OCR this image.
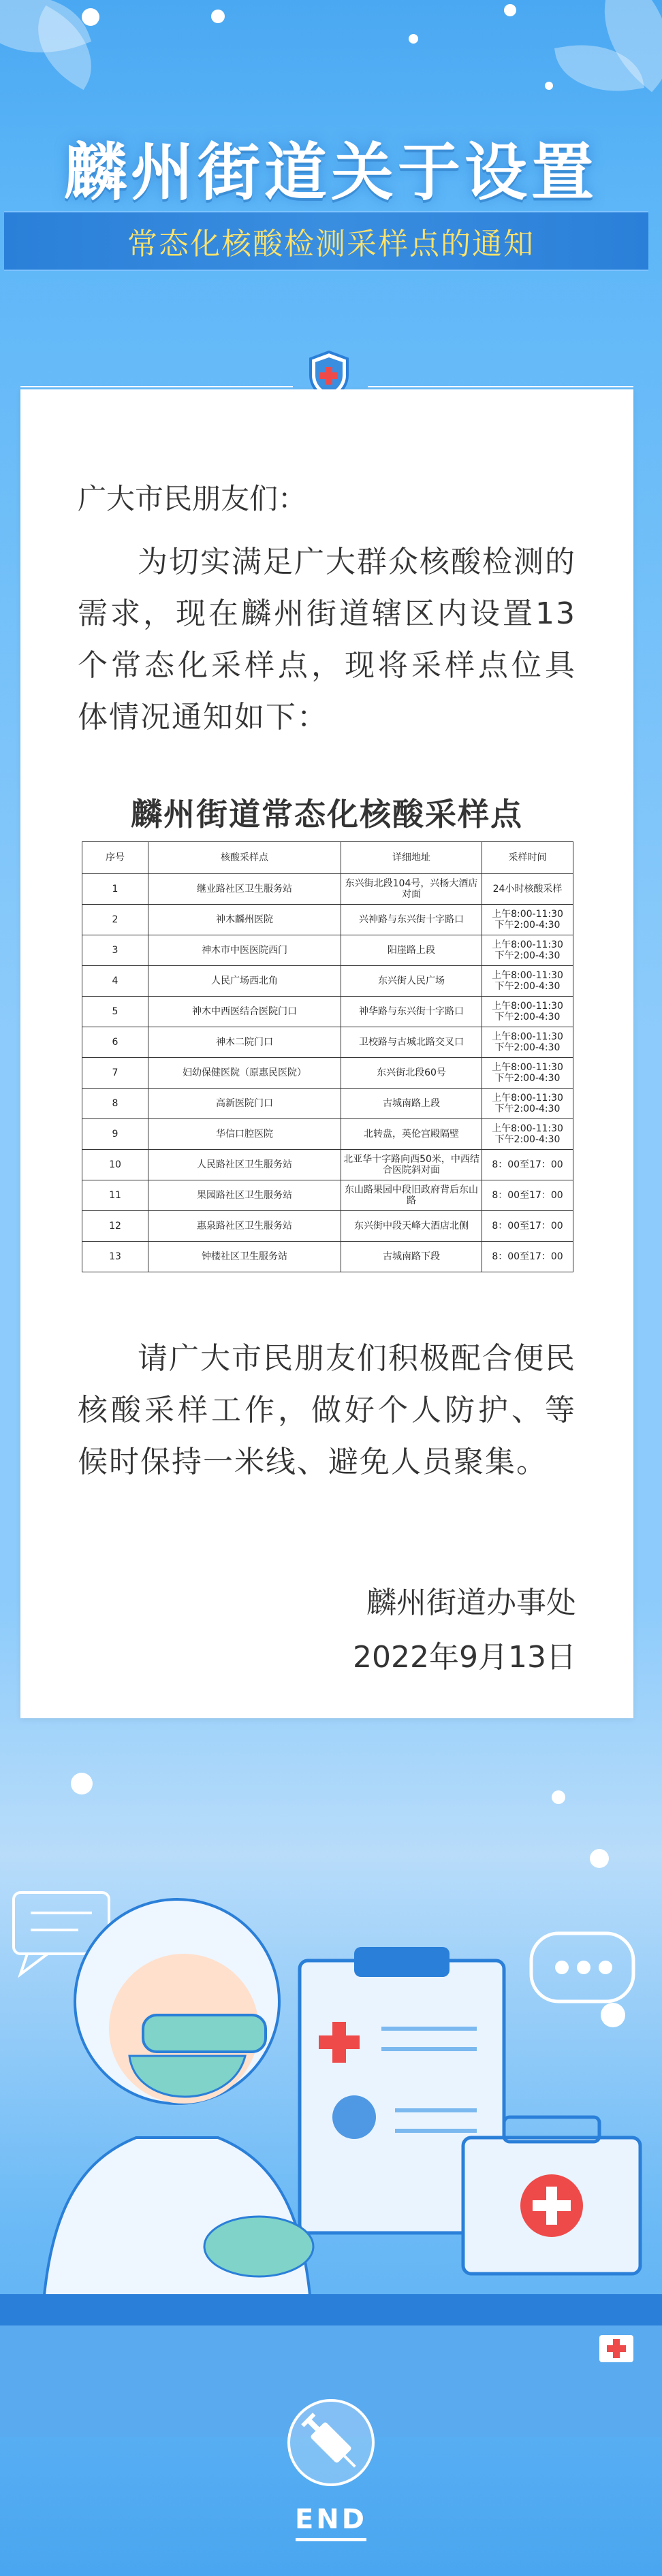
麟州街道关于设置
常态化核酸检测采样点的通知
广大市民朋友们：
为切实满足广大群众核酸检测的需求，现在麟州街道辖区内设置13个常态化采样点，现将采样点位具体情况通知如下：
麟州街道常态化核酸采样点
序号	核酸采样点	详细地址	采样时间
1	继业路社区卫生服务站	东兴街北段104号，兴杨大酒店对面	24小时核酸采样
2	神木麟州医院	兴神路与东兴街十字路口	上午8:00-11:30
下午2:00-4:30
3	神木市中医医院西门	阳崖路上段	上午8:00-11:30
下午2:00-4:30
4	人民广场西北角	东兴街人民广场	上午8:00-11:30
下午2:00-4:30
5	神木中西医结合医院门口	神华路与东兴街十字路口	上午8:00-11:30
下午2:00-4:30
6	神木二院门口	卫校路与古城北路交叉口	上午8:00-11:30
下午2:00-4:30
7	妇幼保健医院（原惠民医院）	东兴街北段60号	上午8:00-11:30
下午2:00-4:30
8	高新医院门口	古城南路上段	上午8:00-11:30
下午2:00-4:30
9	华信口腔医院	北转盘，英伦宫殿隔壁	上午8:00-11:30
下午2:00-4:30
10	人民路社区卫生服务站	北亚华十字路向西50米，中西结合医院斜对面	8：00至17：00
11	果园路社区卫生服务站	东山路果园中段旧政府背后东山路	8：00至17：00
12	惠泉路社区卫生服务站	东兴街中段天峰大酒店北侧	8：00至17：00
13	钟楼社区卫生服务站	古城南路下段	8：00至17：00
请广大市民朋友们积极配合便民核酸采样工作，做好个人防护、等候时保持一米线、避免人员聚集。
麟州街道办事处
2022年9月13日
END
